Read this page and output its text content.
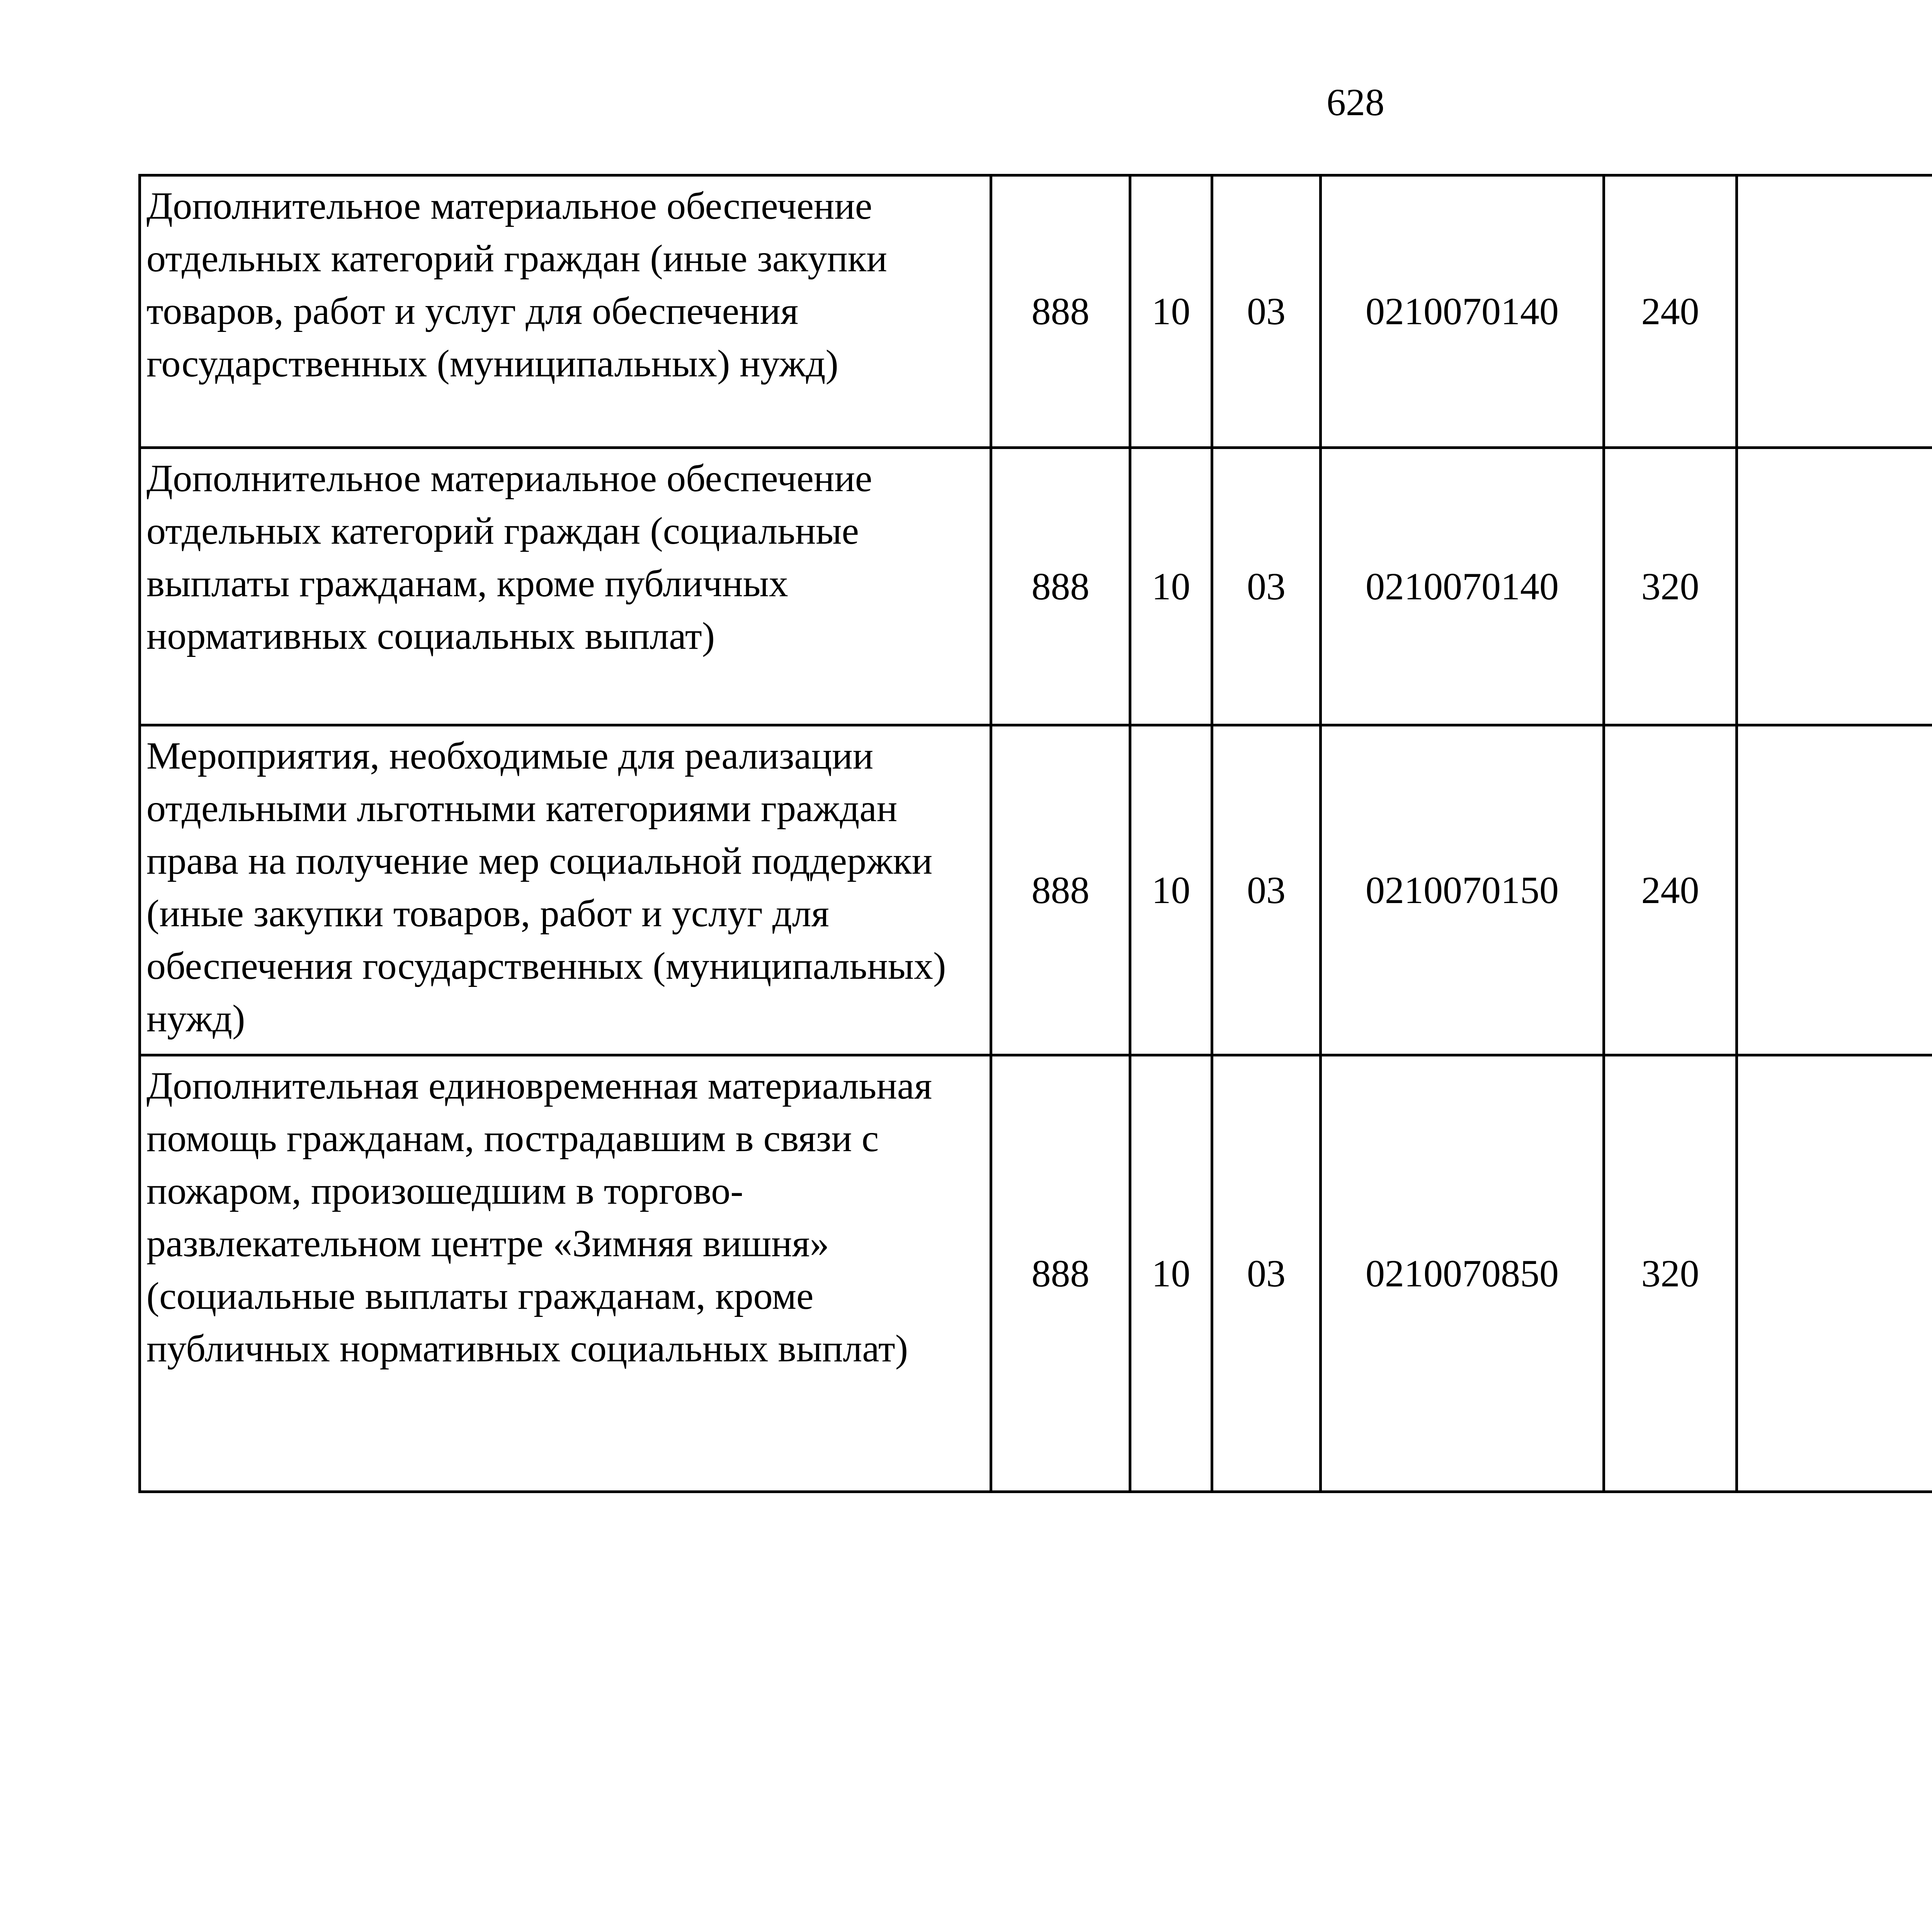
628
Дополнительное материальное обеспечение отдельных категорий граждан (иные закупки товаров, работ и услуг для обеспечения государственных (муниципальных) нужд)	888	10	03	0210070140	240			
Дополнительное материальное обеспечение отдельных категорий граждан (социальные выплаты гражданам, кроме публичных нормативных социальных выплат)	888	10	03	0210070140	320			
Мероприятия, необходимые для реализации отдельными льготными категориями граждан права на получение мер социальной поддержки (иные закупки товаров, работ и услуг для обеспечения государственных (муниципальных) нужд)	888	10	03	0210070150	240			
Дополнительная единовременная материальная помощь гражданам, пострадавшим в связи с пожаром, произошедшим в торгово-развлекательном центре «Зимняя вишня» (социальные выплаты гражданам, кроме публичных нормативных социальных выплат)	888	10	03	0210070850	320			
